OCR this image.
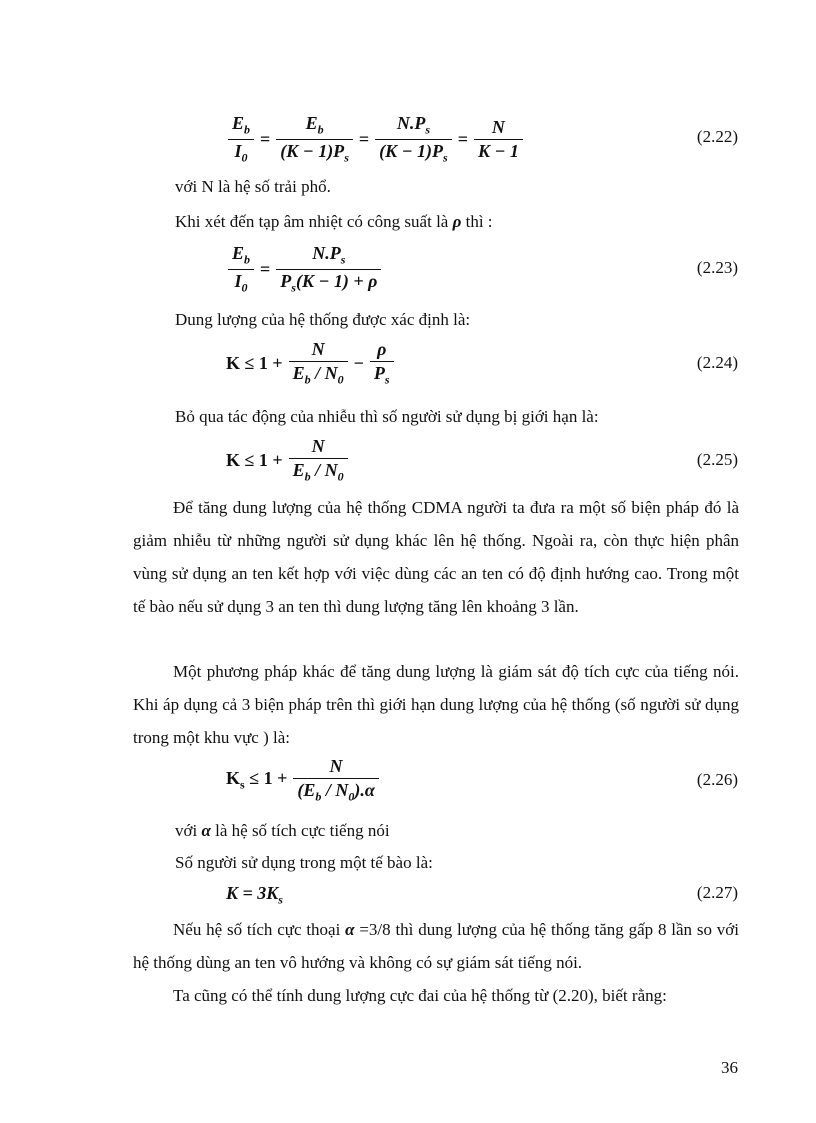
$\frac{E_b}{I_0} = \frac{E_b}{(K - 1)P_s} = \frac{N.P_s}{(K - 1)P_s} = \frac{N}{K - 1}$	(2.22)
với N là hệ số trải phổ.
Khi xét đến tạp âm nhiệt có công suất là ρ thì :
$\frac{E_b}{I_0} = \frac{N.P_s}{P_s(K - 1) + \rho}$	(2.23)
Dung lượng của hệ thống được xác định là:
$K \le 1 + \frac{N}{E_b / N_0} - \frac{\rho}{P_s}$	(2.24)
Bỏ qua tác động của nhiễu thì số người sử dụng bị giới hạn là:
$K \le 1 + \frac{N}{E_b / N_0}$	(2.25)
Để tăng dung lượng của hệ thống CDMA người ta đưa ra một số biện pháp đó là giảm nhiễu từ những người sử dụng khác lên hệ thống. Ngoài ra, còn thực hiện phân vùng sử dụng an ten kết hợp với việc dùng các an ten có độ định hướng cao. Trong một tế bào nếu sử dụng 3 an ten thì dung lượng tăng lên khoảng 3 lần.
Một phương pháp khác để tăng dung lượng là giám sát độ tích cực của tiếng nói. Khi áp dụng cả 3 biện pháp trên thì giới hạn dung lượng của hệ thống (số người sử dụng trong một khu vực ) là:
$K_s \le 1 + \frac{N}{(E_b / N_0).\alpha}$	(2.26)
với α là hệ số tích cực tiếng nói
Số người sử dụng trong một tế bào là:
$K = 3K_s$	(2.27)
Nếu hệ số tích cực thoại α =3/8 thì dung lượng của hệ thống tăng gấp 8 lần so với hệ thống dùng an ten vô hướng và không có sự giám sát tiếng nói.
Ta cũng có thể tính dung lượng cực đai của hệ thống từ (2.20), biết rằng:
36
